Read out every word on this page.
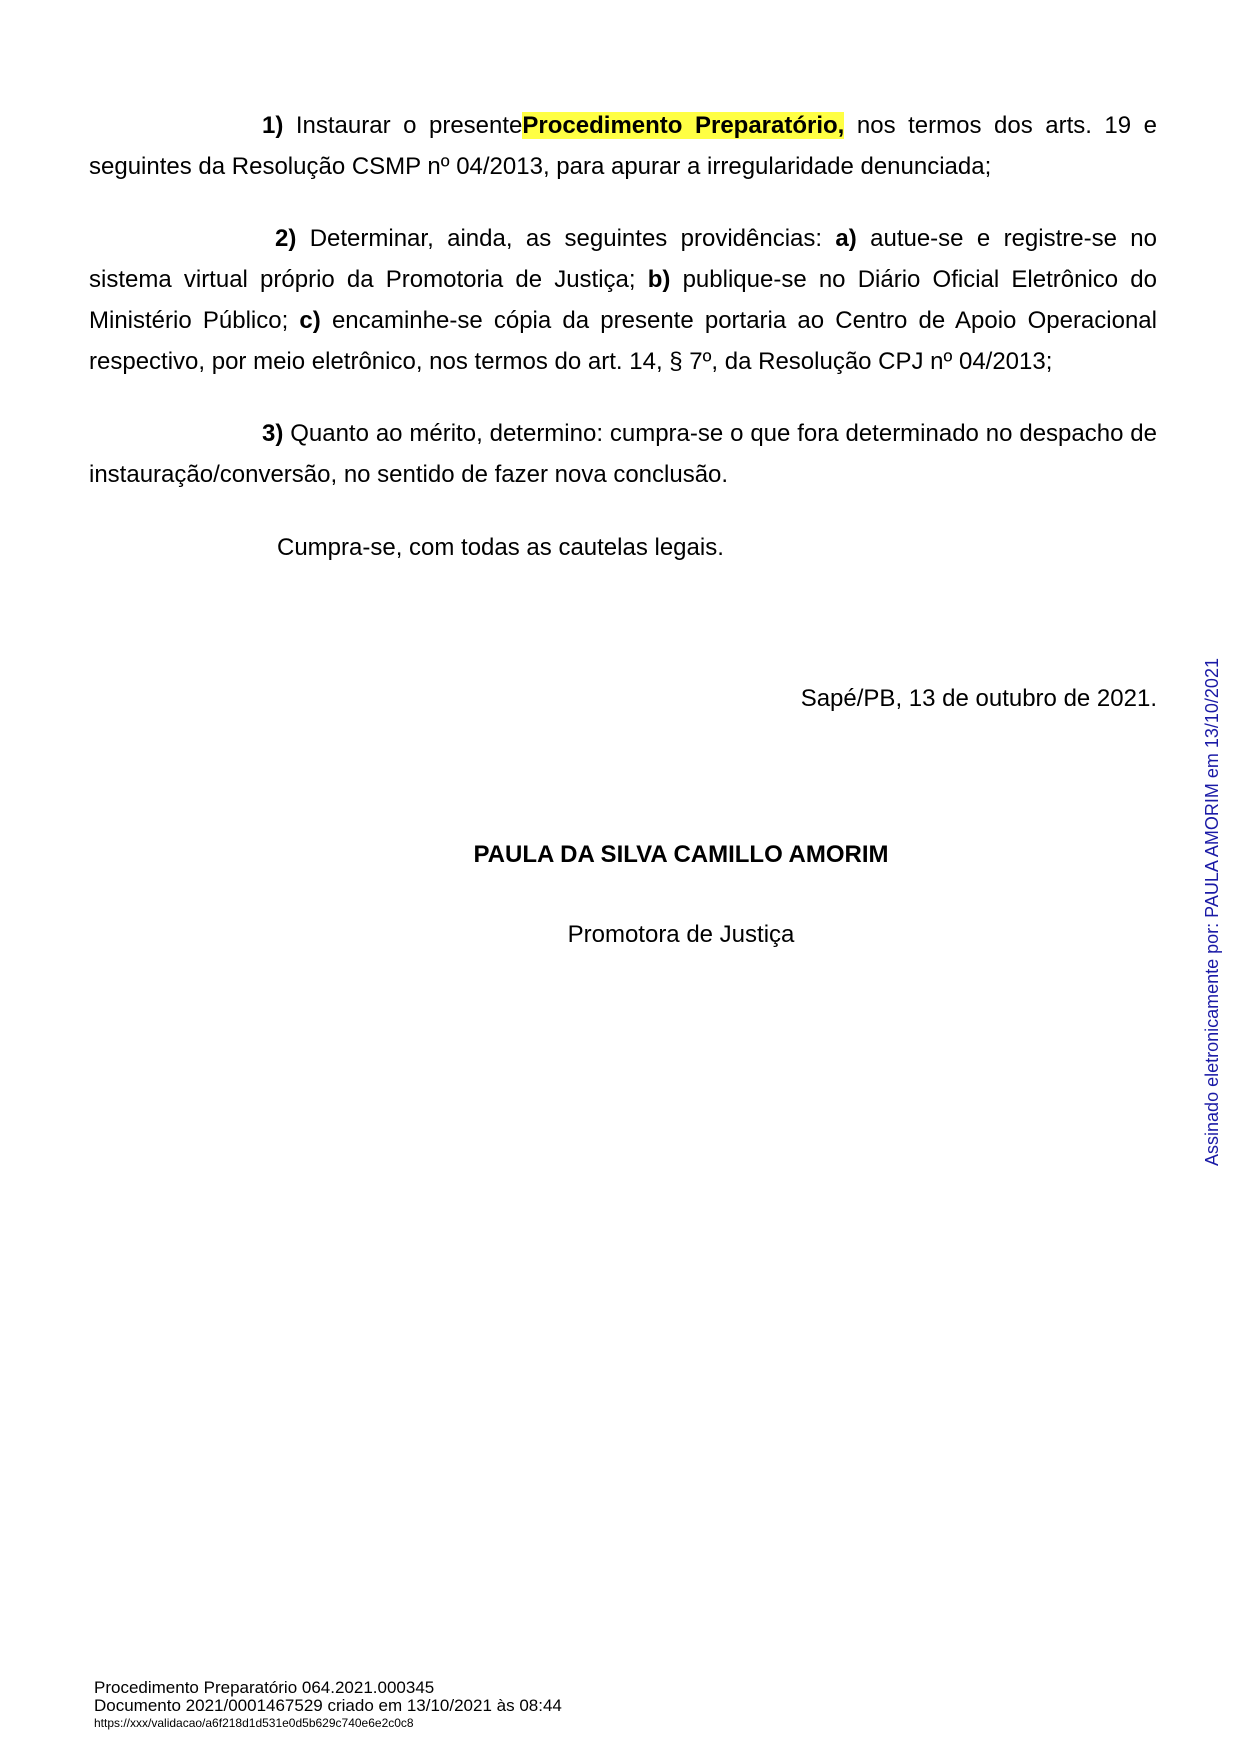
1) Instaurar o presenteProcedimento Preparatório, nos termos dos arts. 19 e seguintes da Resolução CSMP nº 04/2013, para apurar a irregularidade denunciada;

2) Determinar, ainda, as seguintes providências: a) autue-se e registre-se no sistema virtual próprio da Promotoria de Justiça; b) publique-se no Diário Oficial Eletrônico do Ministério Público; c) encaminhe-se cópia da presente portaria ao Centro de Apoio Operacional respectivo, por meio eletrônico, nos termos do art. 14, § 7º, da Resolução CPJ nº 04/2013;

3) Quanto ao mérito, determino: cumpra-se o que fora determinado no despacho de instauração/conversão, no sentido de fazer nova conclusão.

Cumpra-se, com todas as cautelas legais.
Sapé/PB, 13 de outubro de 2021.
PAULA DA SILVA CAMILLO AMORIM
Promotora de Justiça	Assinado eletronicamente por: PAULA AMORIM em 13/10/2021
Procedimento Preparatório 064.2021.000345
Documento 2021/0001467529 criado em 13/10/2021 às 08:44
https://xxx/validacao/a6f218d1d531e0d5b629c740e6e2c0c8
